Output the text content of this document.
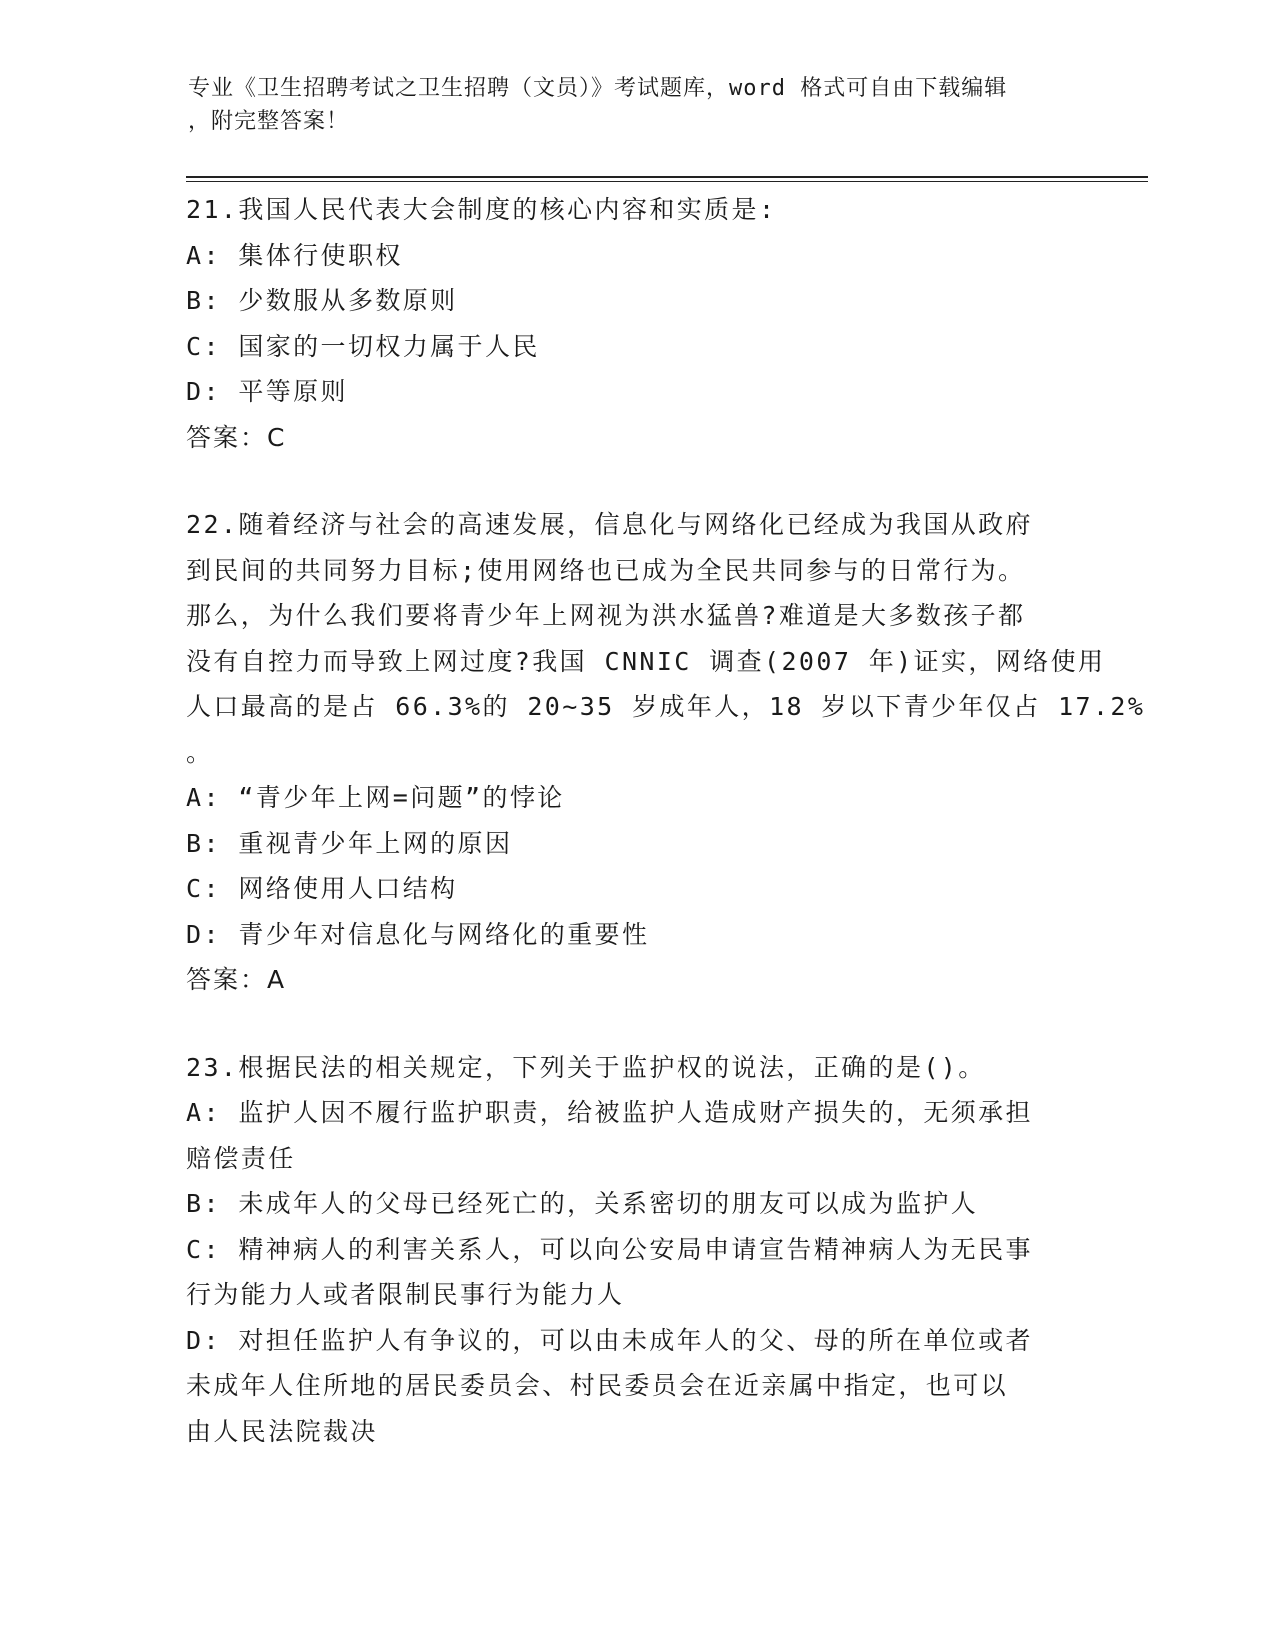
专业《卫生招聘考试之卫生招聘（文员）》考试题库，word 格式可自由下载编辑
，附完整答案！
21.我国人民代表大会制度的核心内容和实质是:
A: 集体行使职权
B: 少数服从多数原则
C: 国家的一切权力属于人民
D: 平等原则
答案：C
22.随着经济与社会的高速发展，信息化与网络化已经成为我国从政府
到民间的共同努力目标;使用网络也已成为全民共同参与的日常行为。
那么，为什么我们要将青少年上网视为洪水猛兽?难道是大多数孩子都
没有自控力而导致上网过度?我国 CNNIC 调查(2007 年)证实，网络使用
人口最高的是占 66.3%的 20~35 岁成年人，18 岁以下青少年仅占 17.2%
。
A: “青少年上网=问题”的悖论
B: 重视青少年上网的原因
C: 网络使用人口结构
D: 青少年对信息化与网络化的重要性
答案：A
23.根据民法的相关规定，下列关于监护权的说法，正确的是()。
A: 监护人因不履行监护职责，给被监护人造成财产损失的，无须承担
赔偿责任
B: 未成年人的父母已经死亡的，关系密切的朋友可以成为监护人
C: 精神病人的利害关系人，可以向公安局申请宣告精神病人为无民事
行为能力人或者限制民事行为能力人
D: 对担任监护人有争议的，可以由未成年人的父、母的所在单位或者
未成年人住所地的居民委员会、村民委员会在近亲属中指定，也可以
由人民法院裁决
